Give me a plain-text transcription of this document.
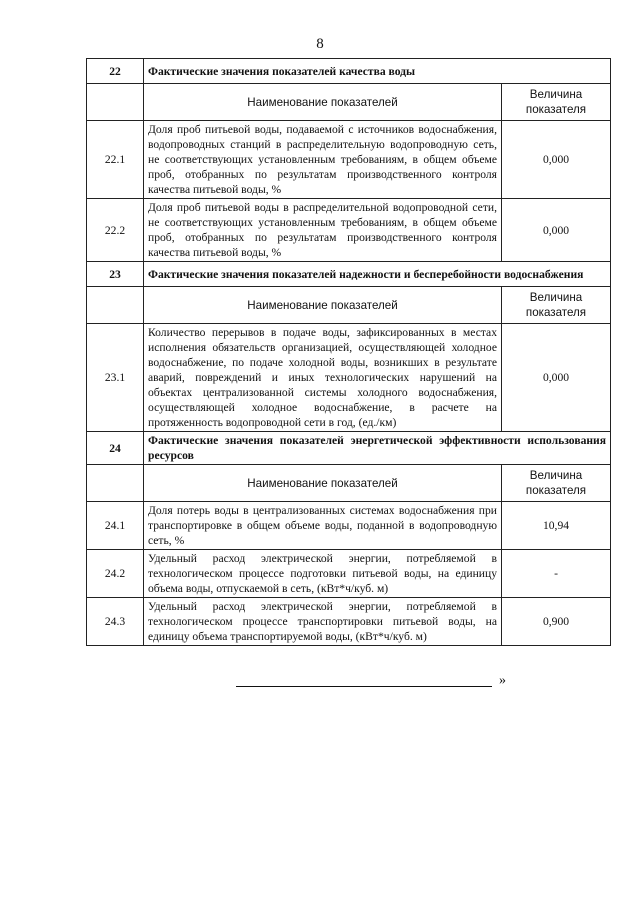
8
22	Фактические значения показателей качества воды	
	Наименование показателей	Величина показателя
22.1	Доля проб питьевой воды, подаваемой с источников водоснабжения, водопроводных станций в распределительную водопроводную сеть, не соответствующих установленным требованиям, в общем объеме проб, отобранных по результатам производственного контроля качества питьевой воды, %	0,000
22.2	Доля проб питьевой воды в распределительной водопроводной сети, не соответствующих установленным требованиям, в общем объеме проб, отобранных по результатам производственного контроля качества питьевой воды, %	0,000
23	Фактические значения показателей надежности и бесперебойности водоснабжения	
	Наименование показателей	Величина показателя
23.1	Количество перерывов в подаче воды, зафиксированных в местах исполнения обязательств организацией, осуществляющей холодное водоснабжение, по подаче холодной воды, возникших в результате аварий, повреждений и иных технологических нарушений на объектах централизованной системы холодного водоснабжения, осуществляющей холодное водоснабжение, в расчете на протяженность водопроводной сети в год, (ед./км)	0,000
24	Фактические значения показателей энергетической эффективности использования ресурсов	
	Наименование показателей	Величина показателя
24.1	Доля потерь воды в централизованных системах водоснабжения при транспортировке в общем объеме воды, поданной в водопроводную сеть, %	10,94
24.2	Удельный расход электрической энергии, потребляемой в технологическом процессе подготовки питьевой воды, на единицу объема воды, отпускаемой в сеть, (кВт*ч/куб. м)	-
24.3	Удельный расход электрической энергии, потребляемой в технологическом процессе транспортировки питьевой воды, на единицу объема транспортируемой воды, (кВт*ч/куб. м)	0,900
»
